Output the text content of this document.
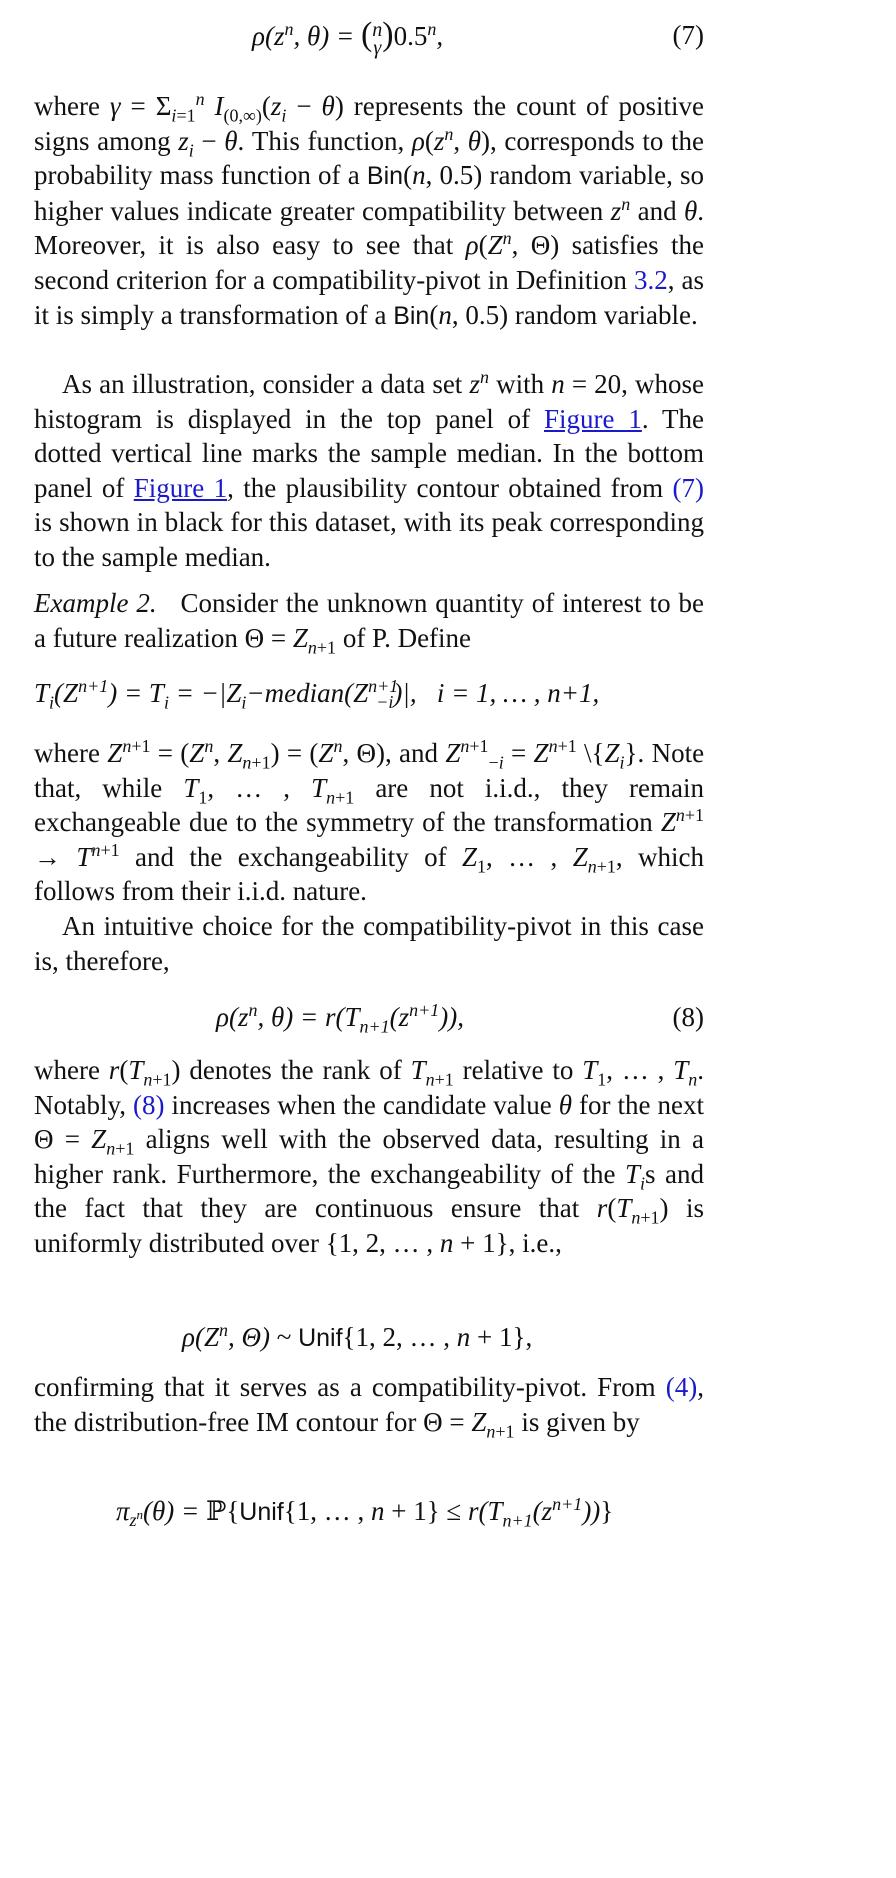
$\rho(z^n$, θ) = (n
γ)0.5$^n$,	(7)

where $\gamma = \Sigma_{i=1}^n$ $I_{(0,\infty)}(z_i - \theta)$ represents the count of positive signs among $z_i - \theta$. This function, $\rho(z^n$, θ), corresponds to the probability mass function of a Bin(n, 0.5) random variable, so higher values indicate greater compatibility between $z^n$ and θ. Moreover, it is also easy to see that $\rho(Z^n$, Θ) satisfies the second criterion for a compatibility-pivot in Definition 3.2, as it is simply a transformation of a Bin(n, 0.5) random variable.

As an illustration, consider a data set $z^n$ with n = 20, whose histogram is displayed in the top panel of Figure 1. The dotted vertical line marks the sample median. In the bottom panel of Figure 1, the plausibility contour obtained from (7) is shown in black for this dataset, with its peak corresponding to the sample median.

Example 2. Consider the unknown quantity of interest to be a future realization $\Theta = Z_{n+1}$ of P. Define

$T_i(Z^{n+1}) = T_i$ = $-|Z_i-median(Z^{n+1}_{-i})|$,   i = 1, … , n+1,

where $Z^{n+1} = (Z^n$, $Z_{n+1}) = (Z^n$, Θ), and $Z^{n+1}_{-i} = Z^{n+1}$ $\backslash\{Z_i\}$. Note that, while $T_1$, … , $T_{n+1}$ are not i.i.d., they remain exchangeable due to the symmetry of the transformation $Z^{n+1} \to T^{n+1}$ and the exchangeability of $Z_1$, … , $Z_{n+1}$, which follows from their i.i.d. nature.

An intuitive choice for the compatibility-pivot in this case is, therefore,

$\rho(z^n$, $\theta) = r(T_{n+1}(z^{n+1}))$,	(8)

where $r(T_{n+1})$ denotes the rank of $T_{n+1}$ relative to $T_1$, … , $T_n$. Notably, (8) increases when the candidate value θ for the next $\Theta = Z_{n+1}$ aligns well with the observed data, resulting in a higher rank. Furthermore, the exchangeability of the $T_is$ and the fact that they are continuous ensure that $r(T_{n+1})$ is uniformly distributed over {1, 2, … , n + 1}, i.e.,

$\rho(Z^n$, Θ) ~ Unif{1, 2, … , n + 1},

confirming that it serves as a compatibility-pivot. From (4), the distribution-free IM contour for $\Theta = Z_{n+1}$ is given by

$\pi_{z^n}(\theta)$ = ℙ{Unif{1, … , $n + 1\} \le r(T_{n+1}(z^{n+1}))$}
